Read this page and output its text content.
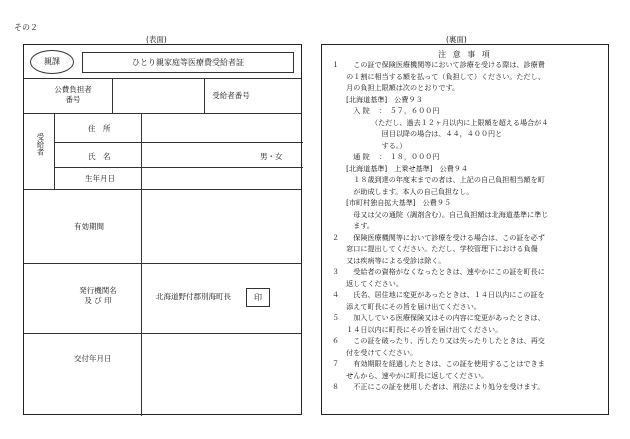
その２
(表面)	(裏面)
親課	ひとり親家庭等医療費受給者証
公費負担者
番号	受給者番号
受給者
住　所
氏　名	男・女
生年月日
有効期間
発行機関名
及 び 印	北海道野付郡別海町長	印
交付年月日
注 意 事 項
１　　この証で保険医療機関等において診療を受ける際は、診療費
　　の１割に相当する額を払って（負担して）ください。ただし、
　　月の負担上限額は次のとおりです。
　　[北海道基準]　公費９３
　　　入 院 　：　５７，６００円
　　　　　　（ただし、過去１２ヶ月以内に上限額を超える場合が４
　　　　　　　回目以降の場合は、４４，４００円と
　　　　　　　する。）
　　　通 院 　：　１８，０００円
　　[北海道基準]　上乗せ基準]　公費９４
　　　１８歳到達の年度末までの者は、上記の自己負担相当額を町
　　　が助成します。本人の自己負担なし。
　　[市町村独自拡大基準]　公費９５
　　　母又は父の通院（調剤含む）。自己負担額は北海道基準に準じ
　　　ます。
２　　保険医療機関等において診療を受ける場合は、この証を必ず
　　窓口に提出してください。ただし、学校管理下における負傷
　　又は疾病等による受診は除く。
３　　受給者の資格がなくなったときは、速やかにこの証を町長に
　　返してください。
４　　氏名、居住地に変更があったときは、１４日以内にこの証を
　　添えて町長にその旨を届け出てください。
５　　加入している医療保険又はその内容に変更があったときは、
　　１４日以内に町長にその旨を届け出てください。
６　　この証を破ったり、汚したり又は失ったりしたときは、再交
　　付を受けてください。
７　　有効期限を経過したときは、この証を使用することはできま
　　せんから、速やかに町長に返してください。
８　　不正にこの証を使用した者は、刑法により処分を受けます。
